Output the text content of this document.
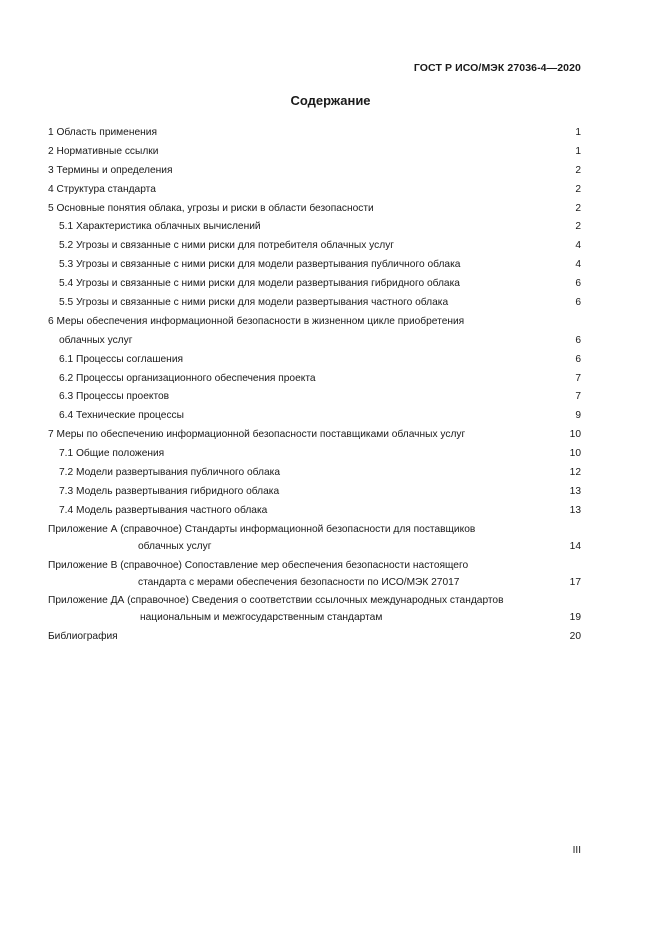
ГОСТ Р ИСО/МЭК 27036-4—2020
Содержание
1 Область применения	1
2 Нормативные ссылки	1
3 Термины и определения	2
4 Структура стандарта	2
5 Основные понятия облака, угрозы и риски в области безопасности	2
5.1 Характеристика облачных вычислений	2
5.2 Угрозы и связанные с ними риски для потребителя облачных услуг	4
5.3 Угрозы и связанные с ними риски для модели развертывания публичного облака	4
5.4 Угрозы и связанные с ними риски для модели развертывания гибридного облака	6
5.5 Угрозы и связанные с ними риски для модели развертывания частного облака	6
6 Меры обеспечения информационной безопасности в жизненном цикле приобретения
облачных услуг	6
6.1 Процессы соглашения	6
6.2 Процессы организационного обеспечения проекта	7
6.3 Процессы проектов	7
6.4 Технические процессы	9
7 Меры по обеспечению информационной безопасности поставщиками облачных услуг	10
7.1 Общие положения	10
7.2 Модели развертывания публичного облака	12
7.3 Модель развертывания гибридного облака	13
7.4 Модель развертывания частного облака	13
Приложение А (справочное) Стандарты информационной безопасности для поставщиков
облачных услуг	14
Приложение В (справочное) Сопоставление мер обеспечения безопасности настоящего
стандарта с мерами обеспечения безопасности по ИСО/МЭК 27017	17
Приложение ДА (справочное) Сведения о соответствии ссылочных международных стандартов
национальным и межгосударственным стандартам	19
Библиография	20
III
